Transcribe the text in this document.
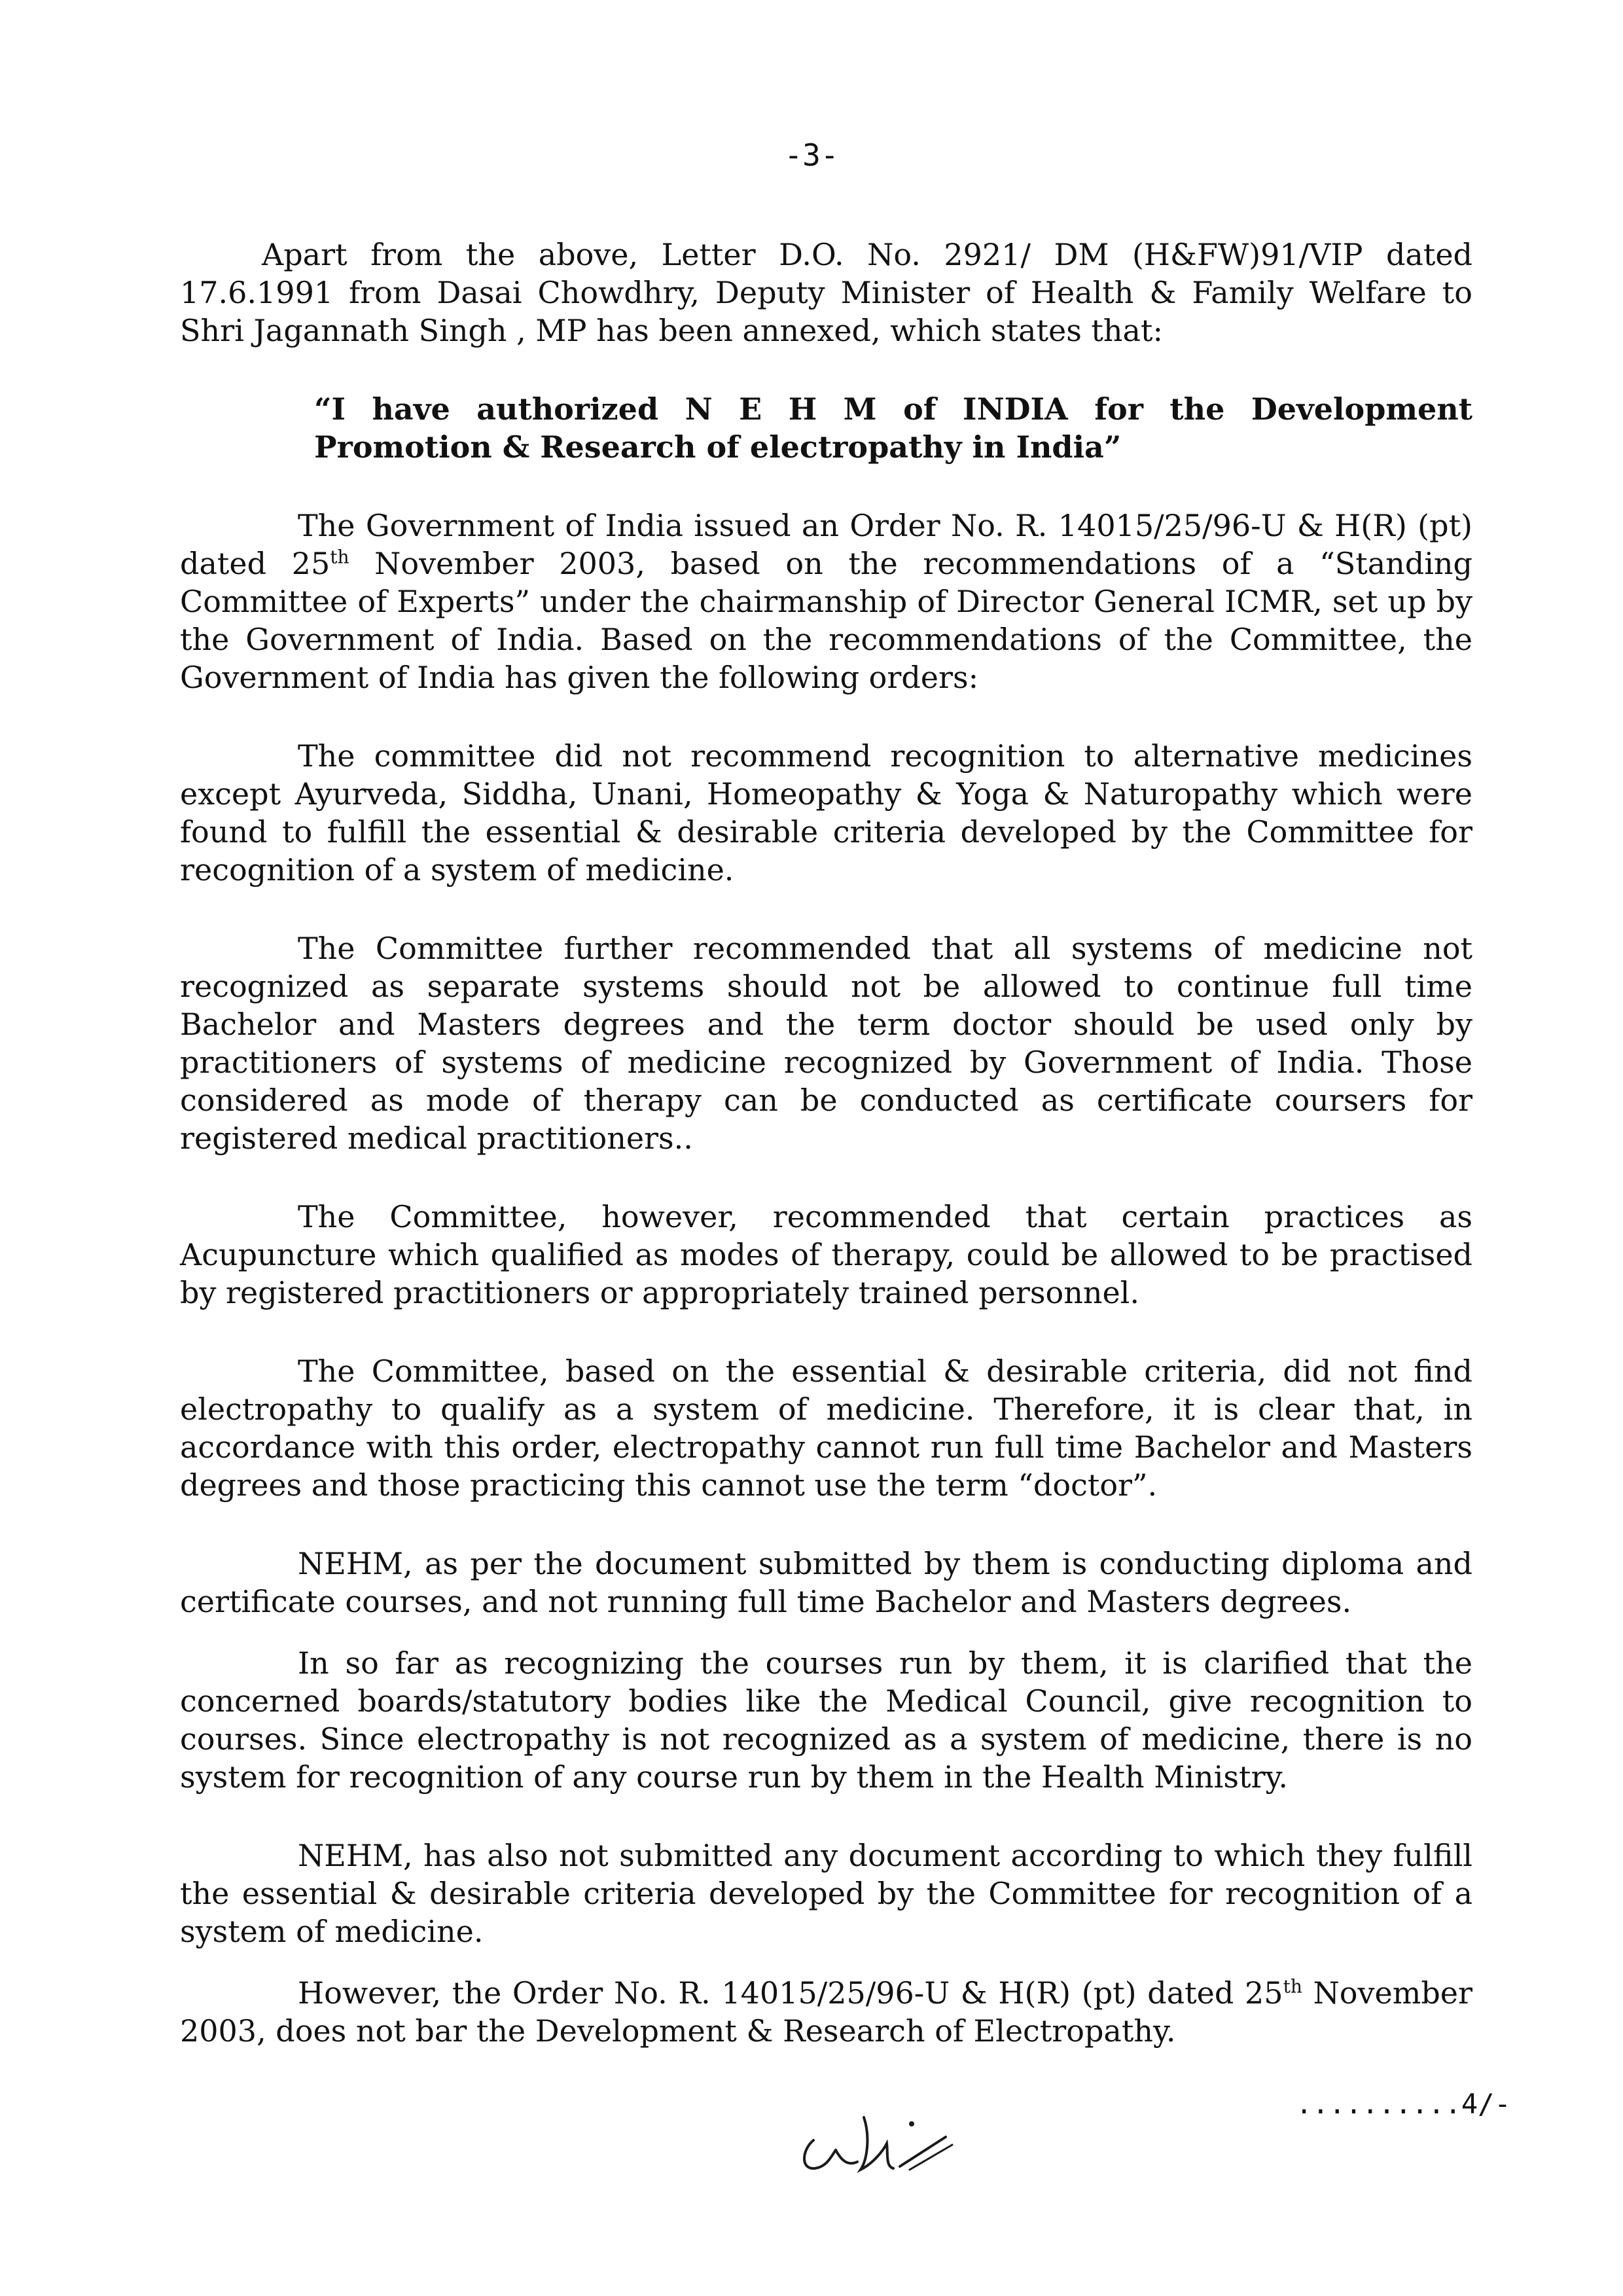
-3-

Apart from the above, Letter D.O. No. 2921/ DM (H&FW)91/VIP dated 17.6.1991 from Dasai Chowdhry, Deputy Minister of Health & Family Welfare to Shri Jagannath Singh , MP has been annexed, which states that:

“I have authorized N E H M of INDIA for the Development Promotion & Research of electropathy in India”

The Government of India issued an Order No. R. 14015/25/96-U & H(R) (pt) dated 25th November 2003, based on the recommendations of a “Standing Committee of Experts” under the chairmanship of Director General ICMR, set up by the Government of India. Based on the recommendations of the Committee, the Government of India has given the following orders:

The committee did not recommend recognition to alternative medicines except Ayurveda, Siddha, Unani, Homeopathy & Yoga & Naturopathy which were found to fulfill the essential & desirable criteria developed by the Committee for recognition of a system of medicine.

The Committee further recommended that all systems of medicine not recognized as separate systems should not be allowed to continue full time Bachelor and Masters degrees and the term doctor should be used only by practitioners of systems of medicine recognized by Government of India. Those considered as mode of therapy can be conducted as certificate coursers for registered medical practitioners..

The Committee, however, recommended that certain practices as Acupuncture which qualified as modes of therapy, could be allowed to be practised by registered practitioners or appropriately trained personnel.

The Committee, based on the essential & desirable criteria, did not find electropathy to qualify as a system of medicine. Therefore, it is clear that, in accordance with this order, electropathy cannot run full time Bachelor and Masters degrees and those practicing this cannot use the term “doctor”.

NEHM, as per the document submitted by them is conducting diploma and certificate courses, and not running full time Bachelor and Masters degrees.

In so far as recognizing the courses run by them, it is clarified that the concerned boards/statutory bodies like the Medical Council, give recognition to courses. Since electropathy is not recognized as a system of medicine, there is no system for recognition of any course run by them in the Health Ministry.

NEHM, has also not submitted any document according to which they fulfill the essential & desirable criteria developed by the Committee for recognition of a system of medicine.

However, the Order No. R. 14015/25/96-U & H(R) (pt) dated 25th November 2003, does not bar the Development & Research of Electropathy.

..........4/-
